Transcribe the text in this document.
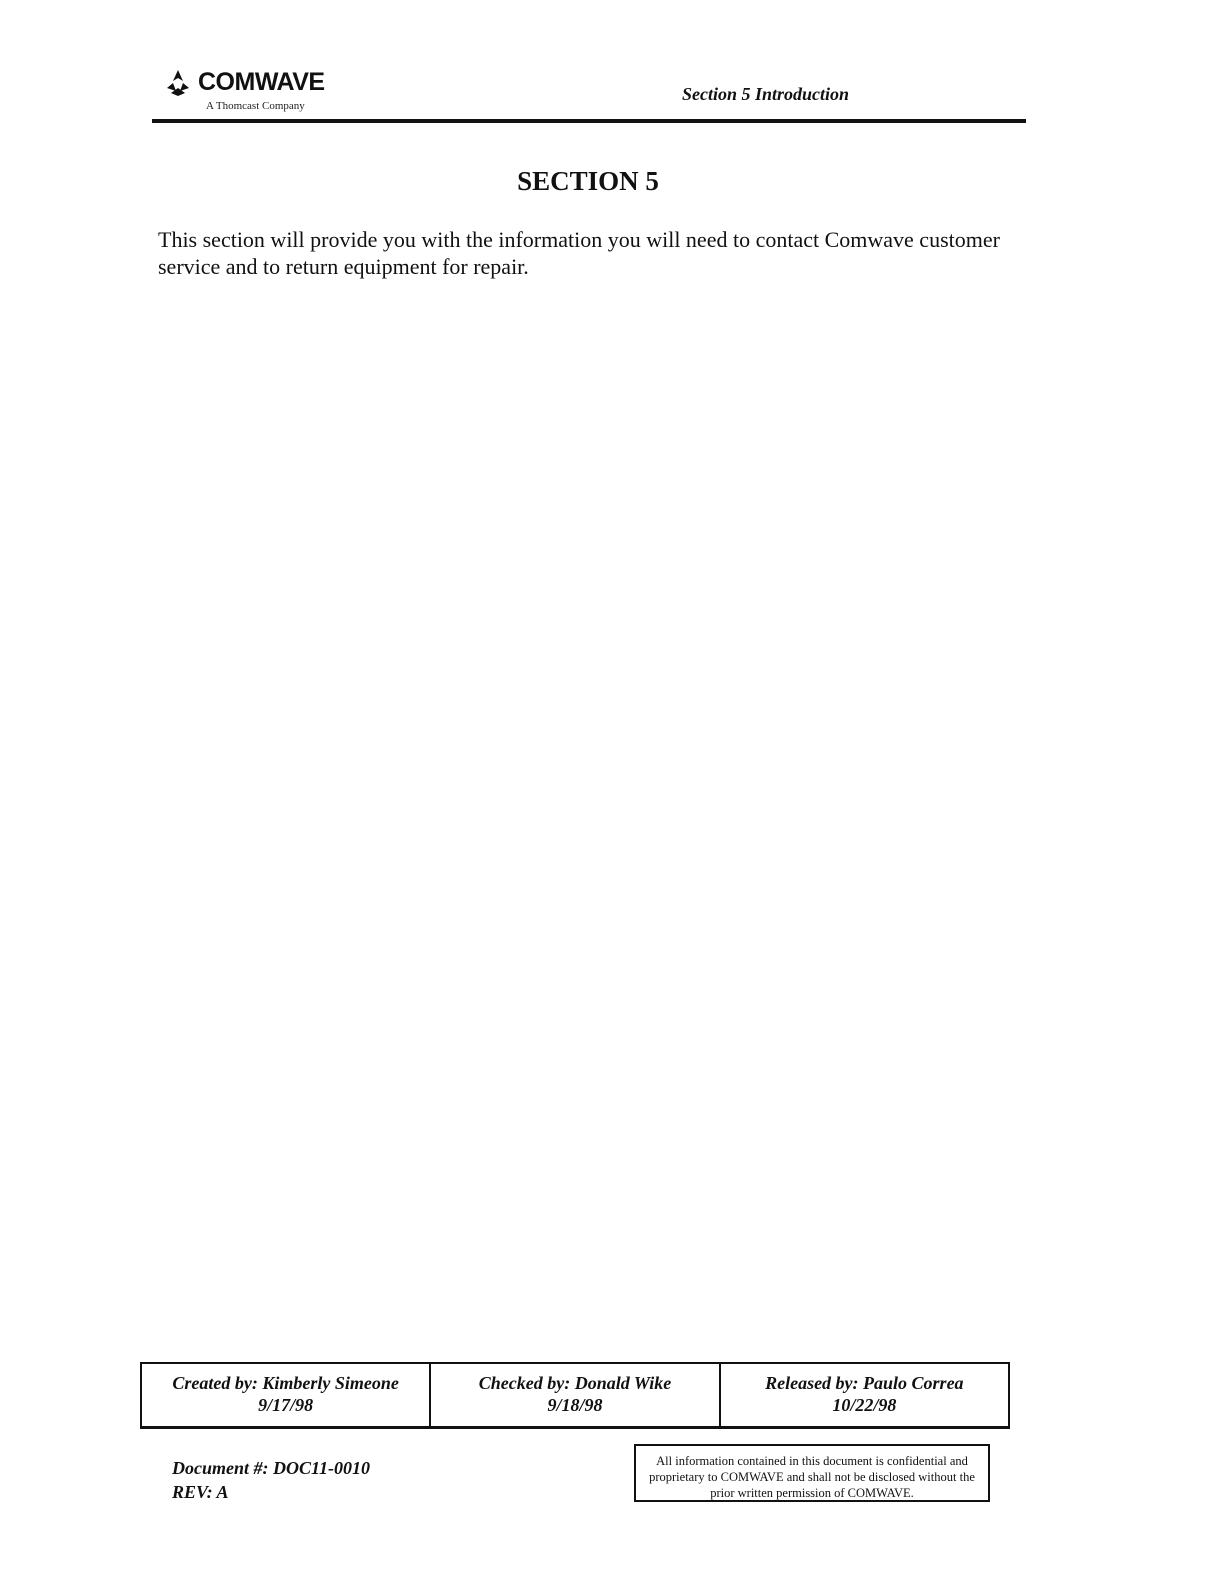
COMWAVE
A Thomcast Company
Section 5 Introduction
SECTION 5
This section will provide you with the information you will need to contact Comwave customer service and to return equipment for repair.
Created by: Kimberly Simeone
9/17/98
Checked by: Donald Wike
9/18/98
Released by: Paulo Correa
10/22/98
Document #: DOC11-0010
REV: A
All information contained in this document is confidential and proprietary to COMWAVE and shall not be disclosed without the prior written permission of COMWAVE.
